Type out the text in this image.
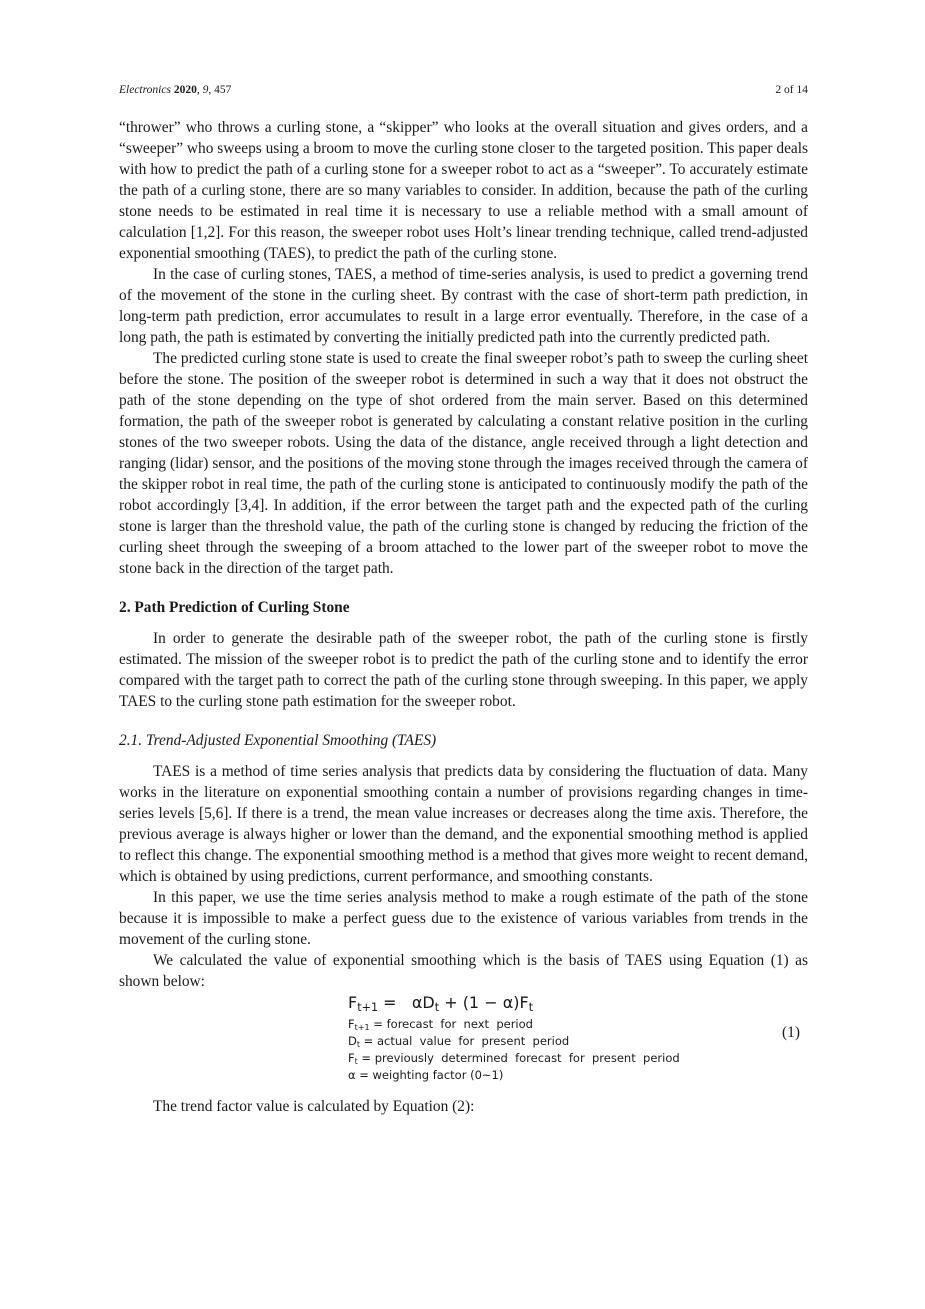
Electronics 2020, 9, 457	2 of 14

“thrower” who throws a curling stone, a “skipper” who looks at the overall situation and gives orders, and a “sweeper” who sweeps using a broom to move the curling stone closer to the targeted position. This paper deals with how to predict the path of a curling stone for a sweeper robot to act as a “sweeper”. To accurately estimate the path of a curling stone, there are so many variables to consider. In addition, because the path of the curling stone needs to be estimated in real time it is necessary to use a reliable method with a small amount of calculation [1,2]. For this reason, the sweeper robot uses Holt’s linear trending technique, called trend-adjusted exponential smoothing (TAES), to predict the path of the curling stone.

In the case of curling stones, TAES, a method of time-series analysis, is used to predict a governing trend of the movement of the stone in the curling sheet. By contrast with the case of short-term path prediction, in long-term path prediction, error accumulates to result in a large error eventually. Therefore, in the case of a long path, the path is estimated by converting the initially predicted path into the currently predicted path.

The predicted curling stone state is used to create the final sweeper robot’s path to sweep the curling sheet before the stone. The position of the sweeper robot is determined in such a way that it does not obstruct the path of the stone depending on the type of shot ordered from the main server. Based on this determined formation, the path of the sweeper robot is generated by calculating a constant relative position in the curling stones of the two sweeper robots. Using the data of the distance, angle received through a light detection and ranging (lidar) sensor, and the positions of the moving stone through the images received through the camera of the skipper robot in real time, the path of the curling stone is anticipated to continuously modify the path of the robot accordingly [3,4]. In addition, if the error between the target path and the expected path of the curling stone is larger than the threshold value, the path of the curling stone is changed by reducing the friction of the curling sheet through the sweeping of a broom attached to the lower part of the sweeper robot to move the stone back in the direction of the target path.

2. Path Prediction of Curling Stone

In order to generate the desirable path of the sweeper robot, the path of the curling stone is firstly estimated. The mission of the sweeper robot is to predict the path of the curling stone and to identify the error compared with the target path to correct the path of the curling stone through sweeping. In this paper, we apply TAES to the curling stone path estimation for the sweeper robot.

2.1. Trend-Adjusted Exponential Smoothing (TAES)

TAES is a method of time series analysis that predicts data by considering the fluctuation of data. Many works in the literature on exponential smoothing contain a number of provisions regarding changes in time-series levels [5,6]. If there is a trend, the mean value increases or decreases along the time axis. Therefore, the previous average is always higher or lower than the demand, and the exponential smoothing method is applied to reflect this change. The exponential smoothing method is a method that gives more weight to recent demand, which is obtained by using predictions, current performance, and smoothing constants.

In this paper, we use the time series analysis method to make a rough estimate of the path of the stone because it is impossible to make a perfect guess due to the existence of various variables from trends in the movement of the curling stone.

We calculated the value of exponential smoothing which is the basis of TAES using Equation (1) as shown below:

$F_{t+1} = \alpha D_t + (1 - \alpha)F_t$
$F_{t+1}$ = forecast  for  next  period
$D_t$ = actual  value  for  present  period
$F_t$ = previously  determined  forecast  for  present  period
α = weighting factor (0~1)
(1)

The trend factor value is calculated by Equation (2):
